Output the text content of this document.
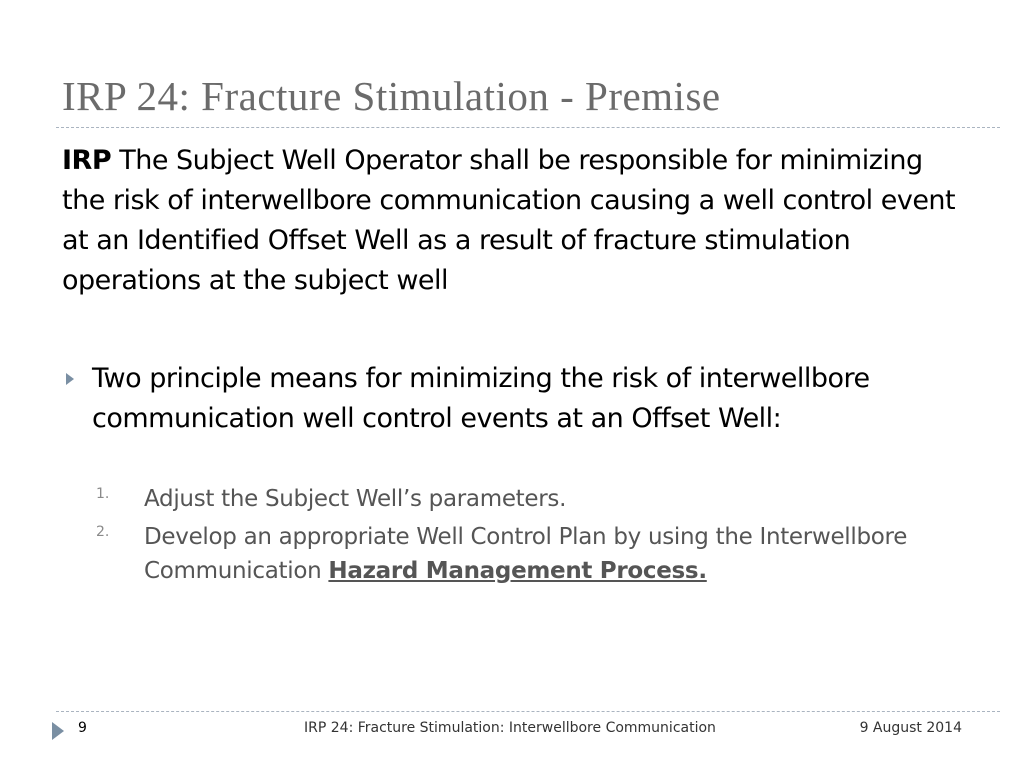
IRP 24: Fracture Stimulation - Premise

IRP The Subject Well Operator shall be responsible for minimizing the risk of interwellbore communication causing a well control event at an Identified Offset Well as a result of fracture stimulation operations at the subject well

Two principle means for minimizing the risk of interwellbore communication well control events at an Offset Well:
1. Adjust the Subject Well’s parameters.
2. Develop an appropriate Well Control Plan by using the Interwellbore Communication Hazard Management Process.
9	IRP 24: Fracture Stimulation: Interwellbore Communication	9 August 2014
